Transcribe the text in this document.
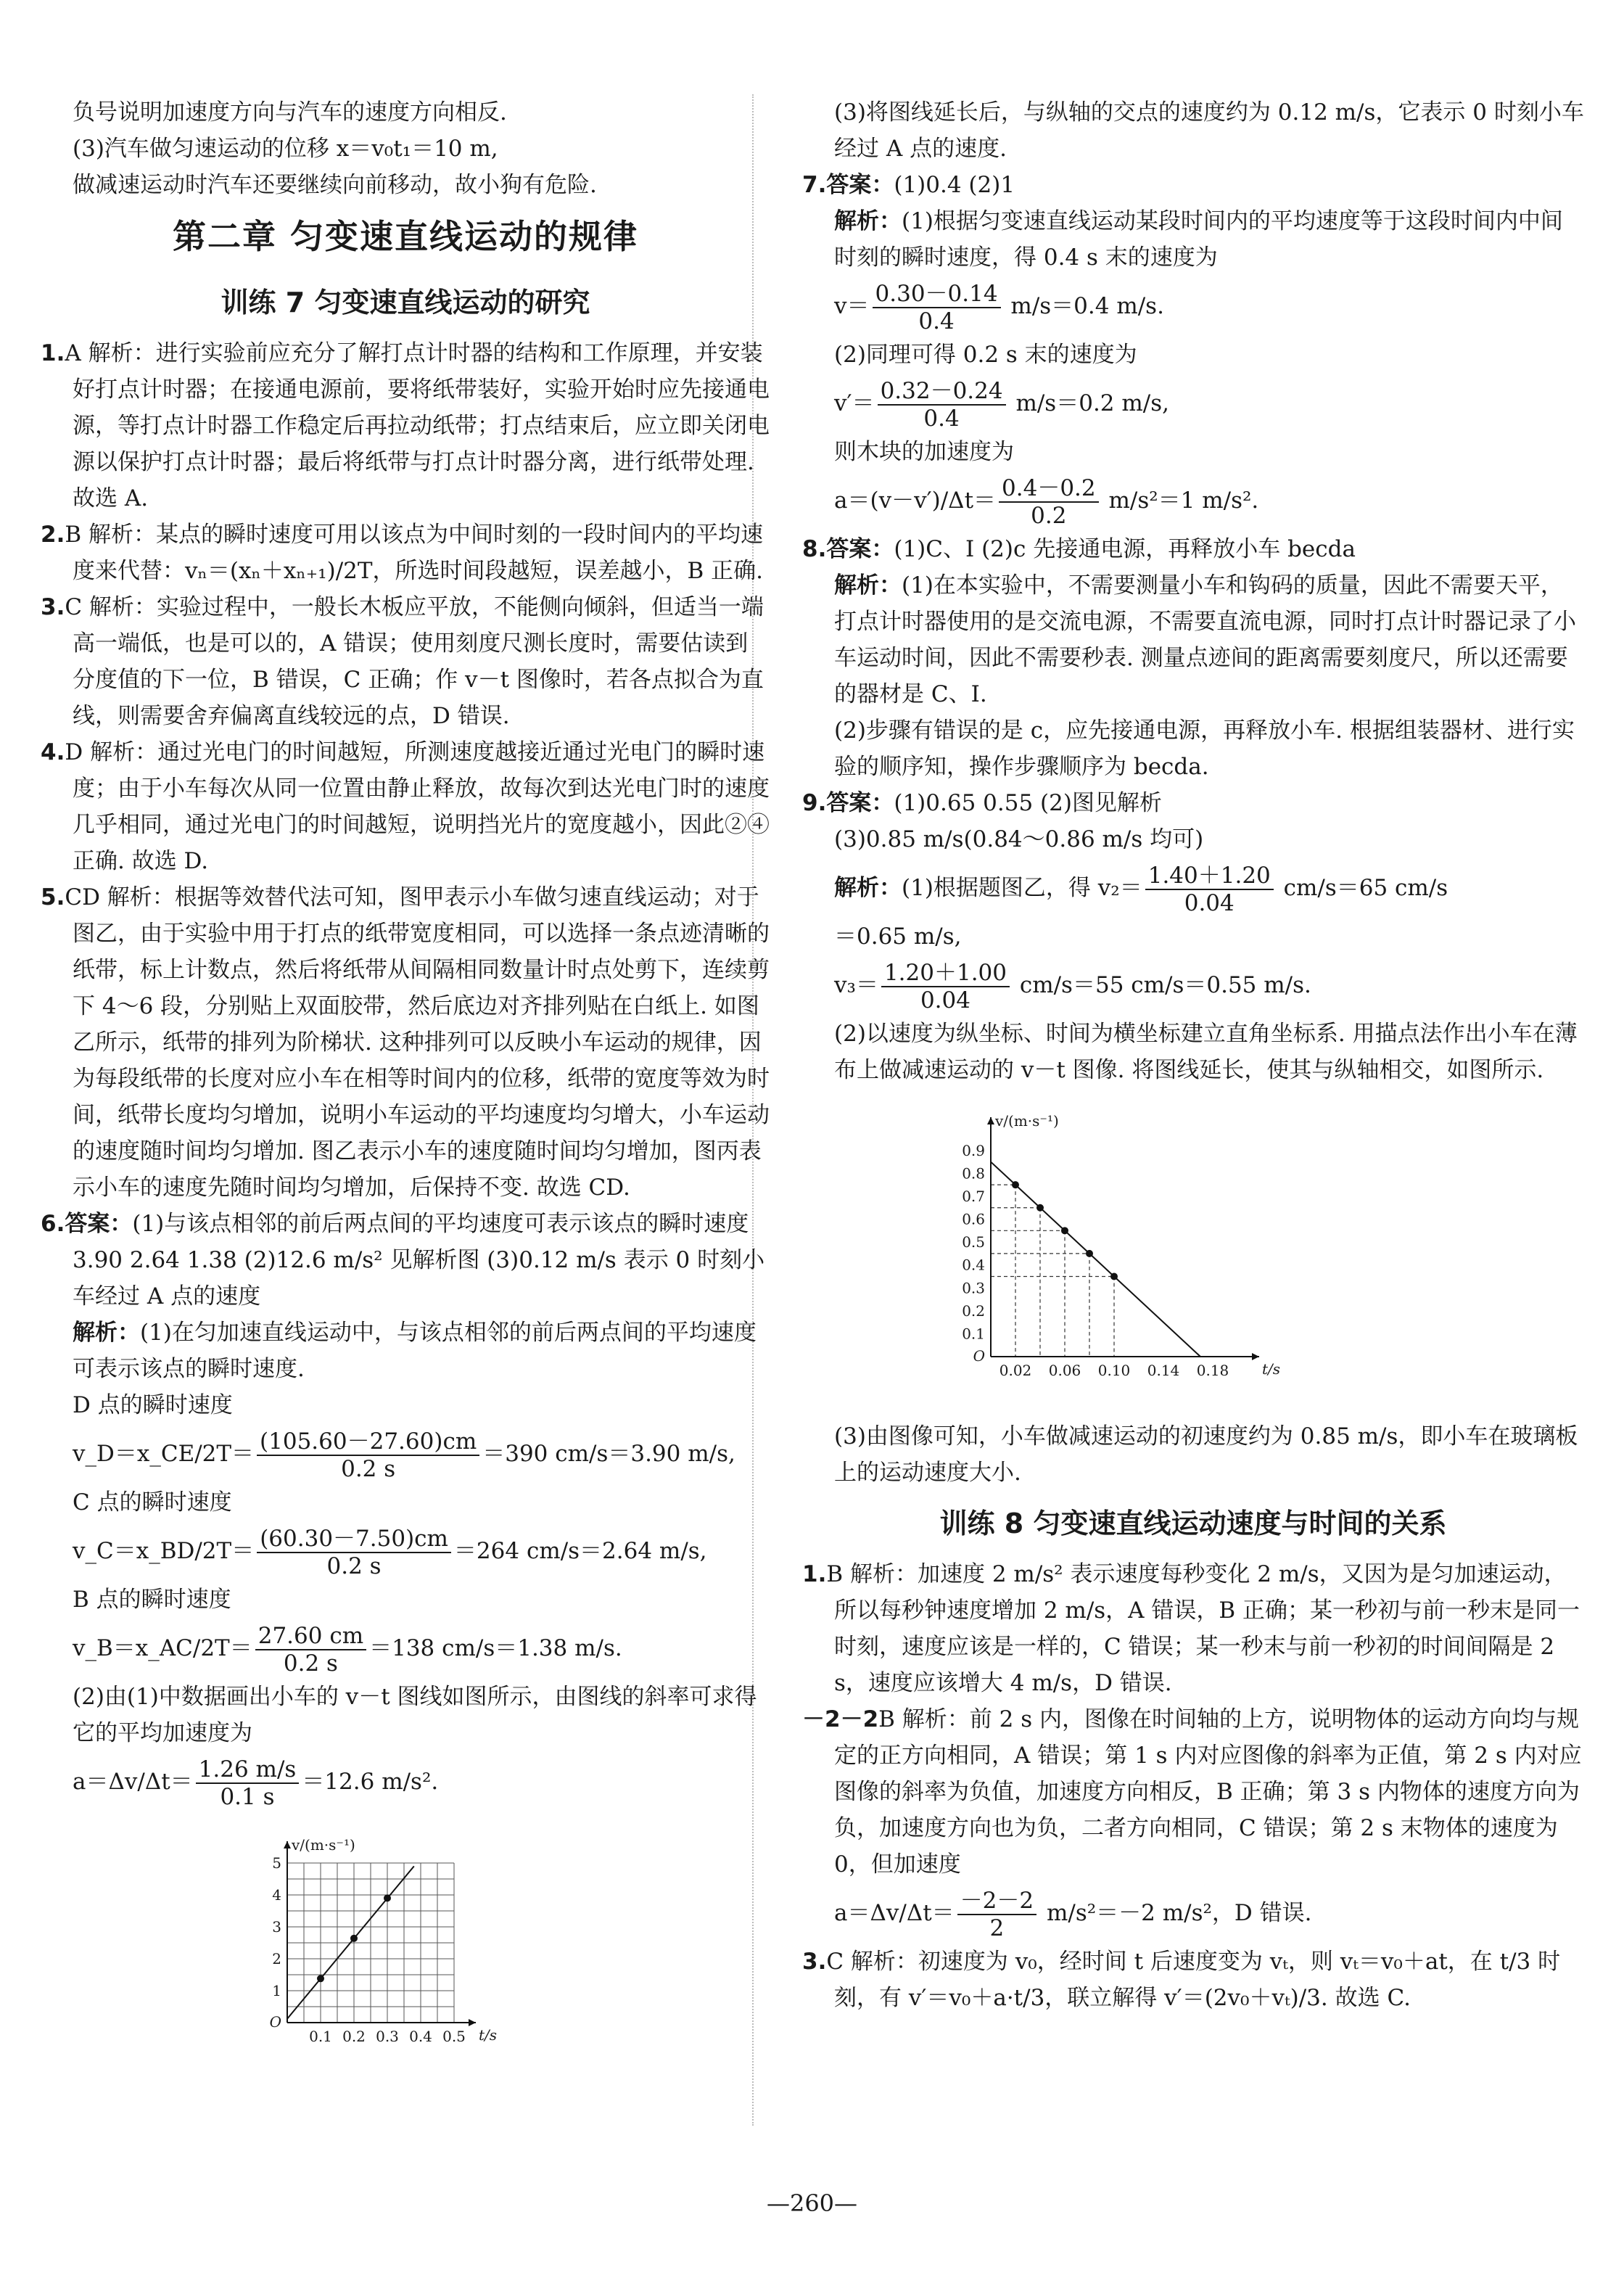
负号说明加速度方向与汽车的速度方向相反.

(3)汽车做匀速运动的位移 x＝v₀t₁＝10 m,

做减速运动时汽车还要继续向前移动，故小狗有危险.

第二章 匀变速直线运动的规律
训练 7 匀变速直线运动的研究

1.A 解析：进行实验前应充分了解打点计时器的结构和工作原理，并安装好打点计时器；在接通电源前，要将纸带装好，实验开始时应先接通电源，等打点计时器工作稳定后再拉动纸带；打点结束后，应立即关闭电源以保护打点计时器；最后将纸带与打点计时器分离，进行纸带处理. 故选 A.

2.B 解析：某点的瞬时速度可用以该点为中间时刻的一段时间内的平均速度来代替：vₙ＝(xₙ＋xₙ₊₁)/2T，所选时间段越短，误差越小，B 正确.

3.C 解析：实验过程中，一般长木板应平放，不能侧向倾斜，但适当一端高一端低，也是可以的，A 错误；使用刻度尺测长度时，需要估读到分度值的下一位，B 错误，C 正确；作 v－t 图像时，若各点拟合为直线，则需要舍弃偏离直线较远的点，D 错误.

4.D 解析：通过光电门的时间越短，所测速度越接近通过光电门的瞬时速度；由于小车每次从同一位置由静止释放，故每次到达光电门时的速度几乎相同，通过光电门的时间越短，说明挡光片的宽度越小，因此②④正确. 故选 D.

5.CD 解析：根据等效替代法可知，图甲表示小车做匀速直线运动；对于图乙，由于实验中用于打点的纸带宽度相同，可以选择一条点迹清晰的纸带，标上计数点，然后将纸带从间隔相同数量计时点处剪下，连续剪下 4～6 段，分别贴上双面胶带，然后底边对齐排列贴在白纸上. 如图乙所示，纸带的排列为阶梯状. 这种排列可以反映小车运动的规律，因为每段纸带的长度对应小车在相等时间内的位移，纸带的宽度等效为时间，纸带长度均匀增加，说明小车运动的平均速度均匀增大，小车运动的速度随时间均匀增加. 图乙表示小车的速度随时间均匀增加，图丙表示小车的速度先随时间均匀增加，后保持不变. 故选 CD.

6.答案：(1)与该点相邻的前后两点间的平均速度可表示该点的瞬时速度 3.90 2.64 1.38 (2)12.6 m/s² 见解析图 (3)0.12 m/s 表示 0 时刻小车经过 A 点的速度

解析：(1)在匀加速直线运动中，与该点相邻的前后两点间的平均速度可表示该点的瞬时速度.

D 点的瞬时速度

v_D＝x_CE/2T＝ $\frac{(105.60-27.60)cm}{0.2 s} =390$ cm/s＝3.90 m/s,

C 点的瞬时速度

v_C＝x_BD/2T＝ $\frac{(60.30-7.50)cm}{0.2 s} =264$ cm/s＝2.64 m/s,

B 点的瞬时速度

v_B＝x_AC/2T＝ $\frac{27.60 cm}{0.2 s} =138$ cm/s＝1.38 m/s.

(2)由(1)中数据画出小车的 v－t 图线如图所示，由图线的斜率可求得它的平均加速度为

$a=\Delta v/\Delta t= \frac{1.26 m/s}{0.1 s} =12.6$ m/s².
0.1 0.2 0.3 0.4 0.5
1
2
3
4
5
O
t/s
v/(m·s⁻¹)

(3)将图线延长后，与纵轴的交点的速度约为 0.12 m/s，它表示 0 时刻小车经过 A 点的速度.

7.答案：(1)0.4 (2)1

解析：(1)根据匀变速直线运动某段时间内的平均速度等于这段时间内中间时刻的瞬时速度，得 0.4 s 末的速度为

$v= \frac{0.30-0.14}{0.4} m/s=0.4$ m/s.

(2)同理可得 0.2 s 末的速度为

$v'= \frac{0.32-0.24}{0.4} m/s=0.2$ m/s,

则木块的加速度为

$a=(v-v')/\Delta t= \frac{0.4-0.2}{0.2} m/s^2=1$ m/s².

8.答案：(1)C、I (2)c 先接通电源，再释放小车 becda

解析：(1)在本实验中，不需要测量小车和钩码的质量，因此不需要天平，打点计时器使用的是交流电源，不需要直流电源，同时打点计时器记录了小车运动时间，因此不需要秒表. 测量点迹间的距离需要刻度尺，所以还需要的器材是 C、I.

(2)步骤有错误的是 c，应先接通电源，再释放小车. 根据组装器材、进行实验的顺序知，操作步骤顺序为 becda.

9.答案：(1)0.65 0.55 (2)图见解析

(3)0.85 m/s(0.84～0.86 m/s 均可)

解析：(1)根据题图乙，得 $v_2= \frac{1.40+1.20}{0.04} cm/s=65$ cm/s

＝0.65 m/s,

$v_3= \frac{1.20+1.00}{0.04} cm/s=55$ cm/s＝0.55 m/s.

(2)以速度为纵坐标、时间为横坐标建立直角坐标系. 用描点法作出小车在薄布上做减速运动的 v－t 图像. 将图线延长，使其与纵轴相交，如图所示.

0.02 0.06 0.10 0.14 0.18
0.1
0.2
0.3
0.4
0.5
0.6
0.7
0.8
0.9
O
t/s
v/(m·s⁻¹)

(3)由图像可知，小车做减速运动的初速度约为 0.85 m/s，即小车在玻璃板上的运动速度大小.

训练 8 匀变速直线运动速度与时间的关系

1.B 解析：加速度 2 m/s² 表示速度每秒变化 2 m/s，又因为是匀加速运动，所以每秒钟速度增加 2 m/s，A 错误，B 正确；某一秒初与前一秒末是同一时刻，速度应该是一样的，C 错误；某一秒末与前一秒初的时间间隔是 2 s，速度应该增大 4 m/s，D 错误.

－2－2B 解析：前 2 s 内，图像在时间轴的上方，说明物体的运动方向均与规定的正方向相同，A 错误；第 1 s 内对应图像的斜率为正值，第 2 s 内对应图像的斜率为负值，加速度方向相反，B 正确；第 3 s 内物体的速度方向为负，加速度方向也为负，二者方向相同，C 错误；第 2 s 末物体的速度为 0，但加速度

$a=\Delta v/\Delta t= \frac{-2-2}{2} m/s^2=-2$ m/s²，D 错误.

3.C 解析：初速度为 v₀，经时间 t 后速度变为 vₜ，则 vₜ＝v₀＋at，在 t/3 时刻，有 v′＝v₀＋a·t/3，联立解得 v′＝(2v₀＋vₜ)/3. 故选 C.

—260—
